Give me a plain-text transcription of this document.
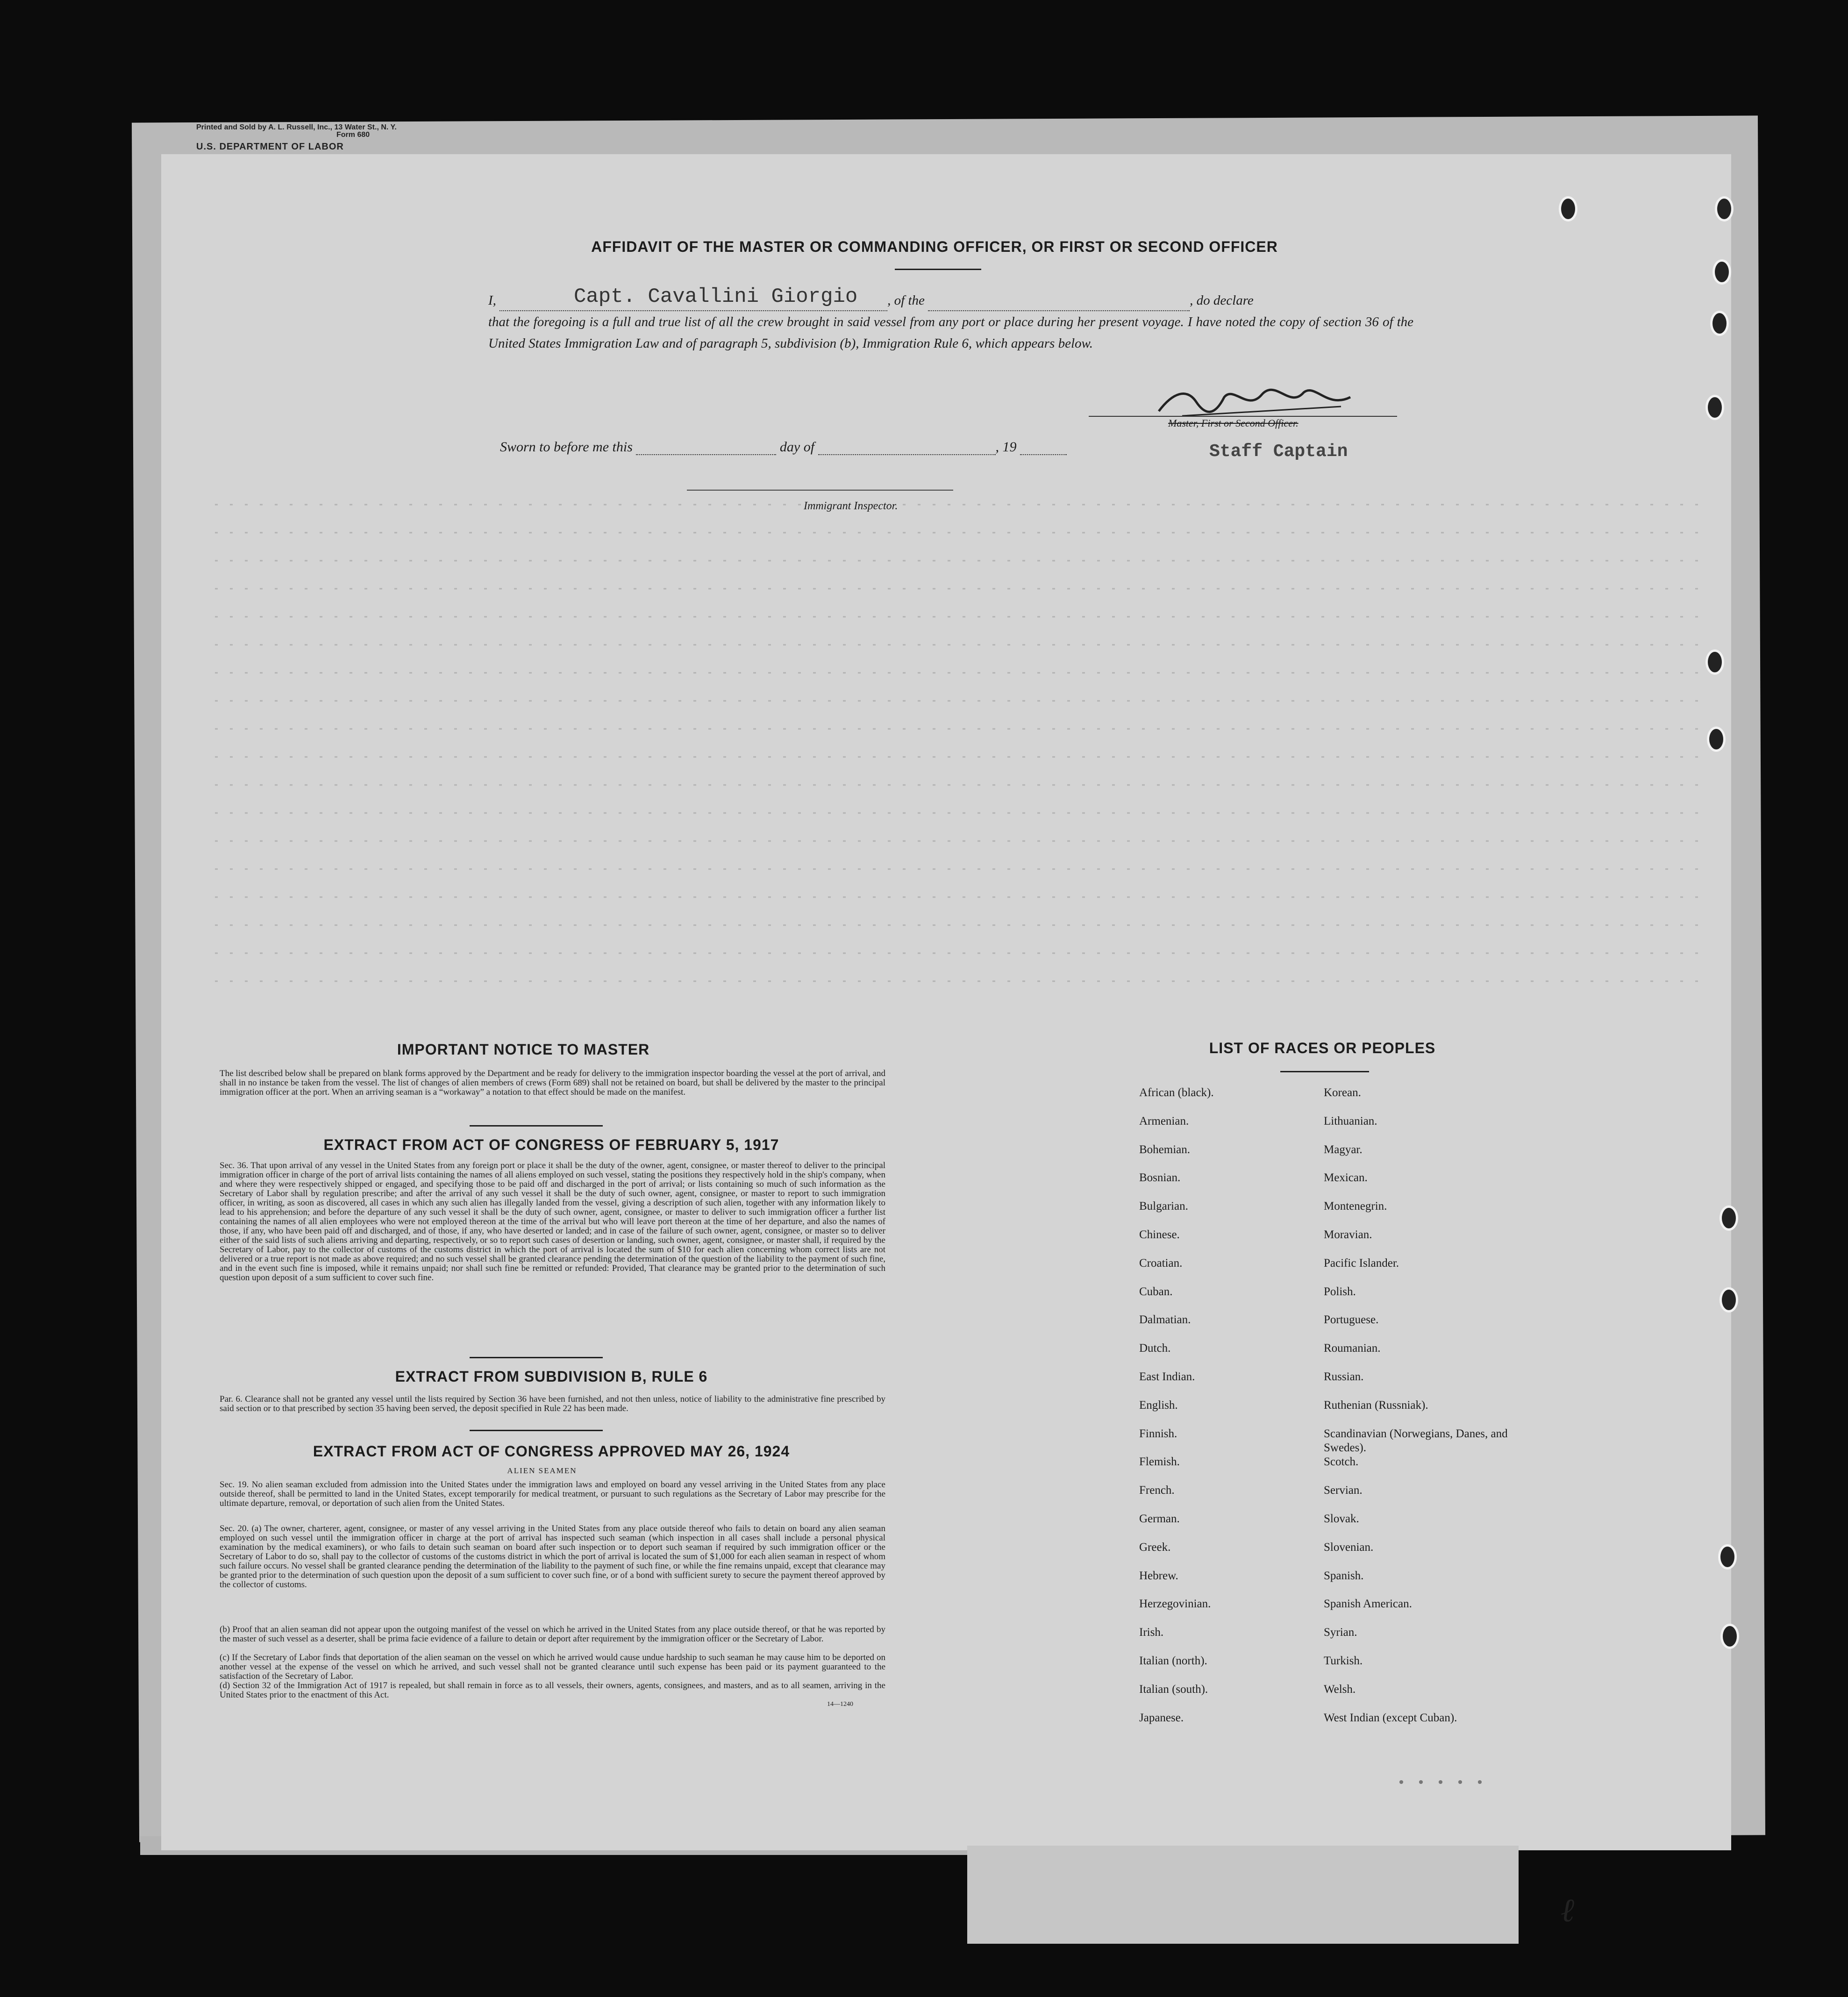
Printed and Sold by A. L. Russell, Inc., 13 Water St., N. Y.
Form 680
U.S. DEPARTMENT OF LABOR
AFFIDAVIT OF THE MASTER OR COMMANDING OFFICER, OR FIRST OR SECOND OFFICER
I,	, of the	, do declare
that the foregoing is a full and true list of all the crew brought in said vessel from any port or place during her present voyage. I have noted the copy of section 36 of the United States Immigration Law and of paragraph 5, subdivision (b), Immigration Rule 6, which appears below.
Capt. Cavallini Giorgio
Master, First or Second Officer.
Staff Captain
Sworn to before me this	day of	, 19
Immigrant Inspector.
IMPORTANT NOTICE TO MASTER
The list described below shall be prepared on blank forms approved by the Department and be ready for delivery to the immigration inspector boarding the vessel at the port of arrival, and shall in no instance be taken from the vessel. The list of changes of alien members of crews (Form 689) shall not be retained on board, but shall be delivered by the master to the principal immigration officer at the port. When an arriving seaman is a “workaway” a notation to that effect should be made on the manifest.
EXTRACT FROM ACT OF CONGRESS OF FEBRUARY 5, 1917
Sec. 36. That upon arrival of any vessel in the United States from any foreign port or place it shall be the duty of the owner, agent, consignee, or master thereof to deliver to the principal immigration officer in charge of the port of arrival lists containing the names of all aliens employed on such vessel, stating the positions they respectively hold in the ship's company, when and where they were respectively shipped or engaged, and specifying those to be paid off and discharged in the port of arrival; or lists containing so much of such information as the Secretary of Labor shall by regulation prescribe; and after the arrival of any such vessel it shall be the duty of such owner, agent, consignee, or master to report to such immigration officer, in writing, as soon as discovered, all cases in which any such alien has illegally landed from the vessel, giving a description of such alien, together with any information likely to lead to his apprehension; and before the departure of any such vessel it shall be the duty of such owner, agent, consignee, or master to deliver to such immigration officer a further list containing the names of all alien employees who were not employed thereon at the time of the arrival but who will leave port thereon at the time of her departure, and also the names of those, if any, who have been paid off and discharged, and of those, if any, who have deserted or landed; and in case of the failure of such owner, agent, consignee, or master so to deliver either of the said lists of such aliens arriving and departing, respectively, or so to report such cases of desertion or landing, such owner, agent, consignee, or master shall, if required by the Secretary of Labor, pay to the collector of customs of the customs district in which the port of arrival is located the sum of $10 for each alien concerning whom correct lists are not delivered or a true report is not made as above required; and no such vessel shall be granted clearance pending the determination of the question of the liability to the payment of such fine, and in the event such fine is imposed, while it remains unpaid; nor shall such fine be remitted or refunded: Provided, That clearance may be granted prior to the determination of such question upon deposit of a sum sufficient to cover such fine.
EXTRACT FROM SUBDIVISION B, RULE 6
Par. 6. Clearance shall not be granted any vessel until the lists required by Section 36 have been furnished, and not then unless, notice of liability to the administrative fine prescribed by said section or to that prescribed by section 35 having been served, the deposit specified in Rule 22 has been made.
EXTRACT FROM ACT OF CONGRESS APPROVED MAY 26, 1924
ALIEN SEAMEN
Sec. 19. No alien seaman excluded from admission into the United States under the immigration laws and employed on board any vessel arriving in the United States from any place outside thereof, shall be permitted to land in the United States, except temporarily for medical treatment, or pursuant to such regulations as the Secretary of Labor may prescribe for the ultimate departure, removal, or deportation of such alien from the United States.
Sec. 20. (a) The owner, charterer, agent, consignee, or master of any vessel arriving in the United States from any place outside thereof who fails to detain on board any alien seaman employed on such vessel until the immigration officer in charge at the port of arrival has inspected such seaman (which inspection in all cases shall include a personal physical examination by the medical examiners), or who fails to detain such seaman on board after such inspection or to deport such seaman if required by such immigration officer or the Secretary of Labor to do so, shall pay to the collector of customs of the customs district in which the port of arrival is located the sum of $1,000 for each alien seaman in respect of whom such failure occurs. No vessel shall be granted clearance pending the determination of the liability to the payment of such fine, or while the fine remains unpaid, except that clearance may be granted prior to the determination of such question upon the deposit of a sum sufficient to cover such fine, or of a bond with sufficient surety to secure the payment thereof approved by the collector of customs.
(b) Proof that an alien seaman did not appear upon the outgoing manifest of the vessel on which he arrived in the United States from any place outside thereof, or that he was reported by the master of such vessel as a deserter, shall be prima facie evidence of a failure to detain or deport after requirement by the immigration officer or the Secretary of Labor.
(c) If the Secretary of Labor finds that deportation of the alien seaman on the vessel on which he arrived would cause undue hardship to such seaman he may cause him to be deported on another vessel at the expense of the vessel on which he arrived, and such vessel shall not be granted clearance until such expense has been paid or its payment guaranteed to the satisfaction of the Secretary of Labor.
(d) Section 32 of the Immigration Act of 1917 is repealed, but shall remain in force as to all vessels, their owners, agents, consignees, and masters, and as to all seamen, arriving in the United States prior to the enactment of this Act.
14—1240
LIST OF RACES OR PEOPLES
African (black).	Korean.
Armenian.	Lithuanian.
Bohemian.	Magyar.
Bosnian.	Mexican.
Bulgarian.	Montenegrin.
Chinese.	Moravian.
Croatian.	Pacific Islander.
Cuban.	Polish.
Dalmatian.	Portuguese.
Dutch.	Roumanian.
East Indian.	Russian.
English.	Ruthenian (Russniak).
Finnish.	Scandinavian (Norwegians, Danes, and Swedes).
Flemish.	Scotch.
French.	Servian.
German.	Slovak.
Greek.	Slovenian.
Hebrew.	Spanish.
Herzegovinian.	Spanish American.
Irish.	Syrian.
Italian (north).	Turkish.
Italian (south).	Welsh.
Japanese.	West Indian (except Cuban).
• • • • •
ℓ
